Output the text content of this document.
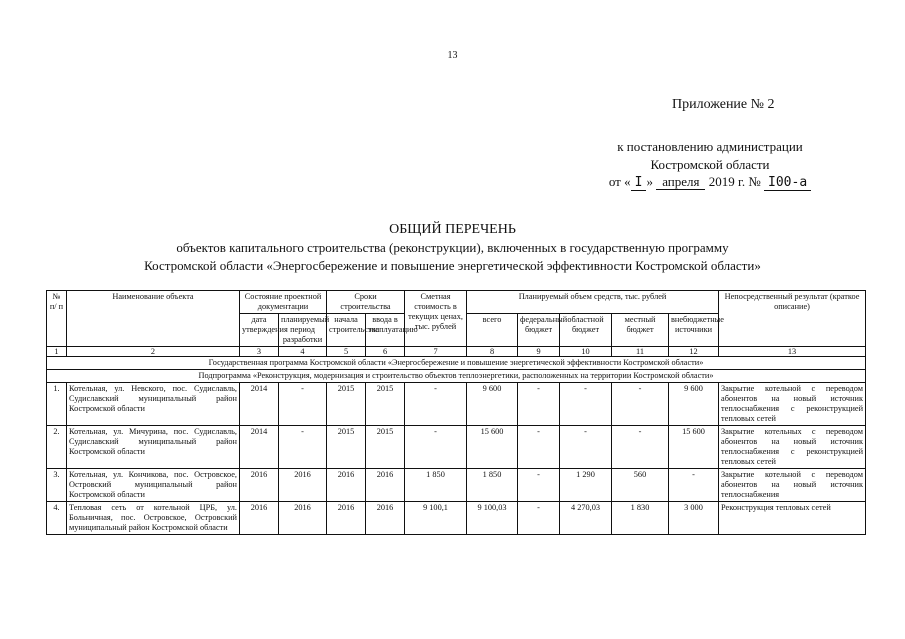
13
Приложение № 2
к постановлению администрации
Костромской области
от « I » апреля 2019 г. № I00-а
ОБЩИЙ ПЕРЕЧЕНЬ
объектов капитального строительства (реконструкции), включенных в государственную программу
Костромской области «Энергосбережение и повышение энергетической эффективности Костромской области»
№ п/ п	Наименование объекта	Состояние проектной документации		Сроки строительства		Сметная стоимость в текущих ценах, тыс. рублей	Планируемый объем средств, тыс. рублей					Непосредственный результат (краткое описание)
		дата утверждения	планируемый период разработки	начала строительства	ввода в эксплуатацию		всего	федеральный бюджет	областной бюджет	местный бюджет	внебюджетные источники	
1	2	3	4	5	6	7	8	9	10	11	12	13
Государственная программа Костромской области «Энергосбережение и повышение энергетической эффективности Костромской области»												
Подпрограмма «Реконструкция, модернизация и строительство объектов теплоэнергетики, расположенных на территории Костромской области»												
1.	Котельная, ул. Невского, пос. Судиславль, Судиславский муниципальный район Костромской области	2014	-	2015	2015	-	9 600	-	-	-	9 600	Закрытие котельной с переводом абонентов на новый источник теплоснабжения с реконструкцией тепловых сетей
2.	Котельная, ул. Мичурина, пос. Судиславль, Судиславский муниципальный район Костромской области	2014	-	2015	2015	-	15 600	-	-	-	15 600	Закрытие котельных с переводом абонентов на новый источник теплоснабжения с реконструкцией тепловых сетей
3.	Котельная, ул. Кончикова, пос. Островское, Островский муниципальный район Костромской области	2016	2016	2016	2016	1 850	1 850	-	1 290	560	-	Закрытие котельной с переводом абонентов на новый источник теплоснабжения
4.	Тепловая сеть от котельной ЦРБ, ул. Больничная, пос. Островское, Островский муниципальный район Костромской области	2016	2016	2016	2016	9 100,1	9 100,03	-	4 270,03	1 830	3 000	Реконструкция тепловых сетей
